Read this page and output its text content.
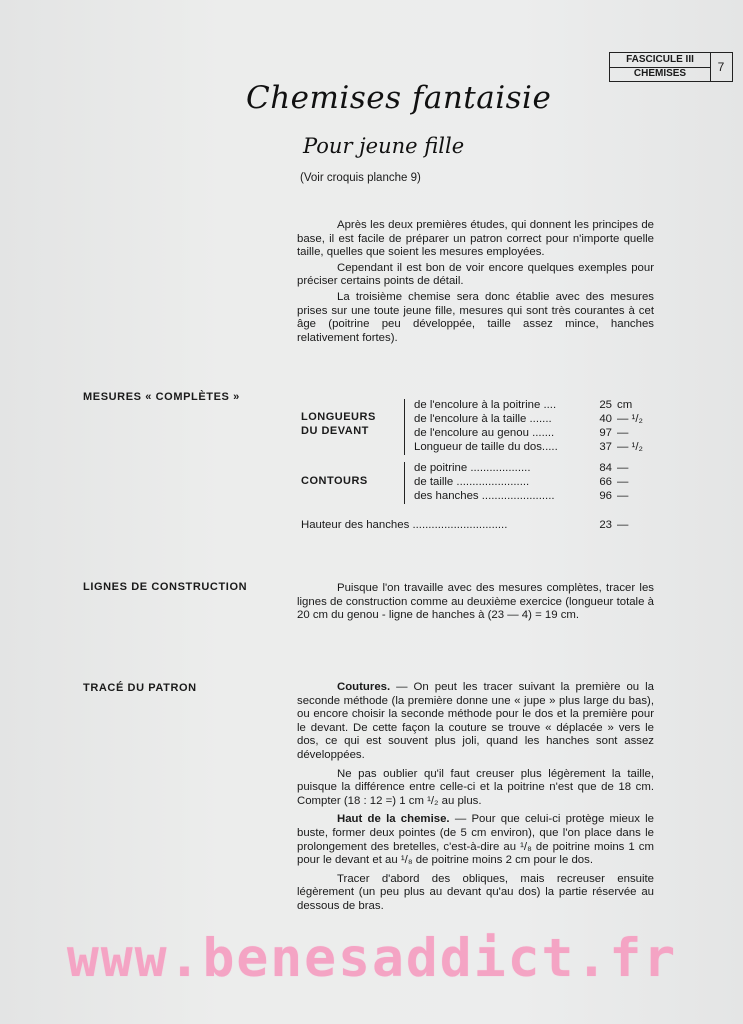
FASCICULE III
CHEMISES	7
Chemises fantaisie
Pour jeune fille
(Voir croquis planche 9)

Après les deux premières études, qui donnent les principes de base, il est facile de préparer un patron correct pour n'importe quelle taille, quelles que soient les mesures employées.

Cependant il est bon de voir encore quelques exemples pour préciser certains points de détail.

La troisième chemise sera donc établie avec des mesures prises sur une toute jeune fille, mesures qui sont très courantes à cet âge (poitrine peu développée, taille assez mince, hanches relativement fortes).

MESURES « COMPLÈTES »
LONGUEURS
DU DEVANT
de l'encolure à la poitrine ....	25 cm
de l'encolure à la taille .......	40 — ¹/₂
de l'encolure au genou .......	97 —
Longueur de taille du dos.....	37 — ¹/₂
CONTOURS
de poitrine ...................	84 —
de taille .......................	66 —
des hanches .......................	96 —
Hauteur des hanches ..............................	23 —
LIGNES DE CONSTRUCTION	Puisque l'on travaille avec des mesures complètes, tracer les lignes de construction comme au deuxième exercice (longueur totale à 20 cm du genou - ligne de hanches à (23 — 4) = 19 cm.

TRACÉ DU PATRON	Coutures. — On peut les tracer suivant la première ou la seconde méthode (la première donne une « jupe » plus large du bas), ou encore choisir la seconde méthode pour le dos et la première pour le devant. De cette façon la couture se trouve « déplacée » vers le dos, ce qui est souvent plus joli, quand les hanches sont assez développées.

Ne pas oublier qu'il faut creuser plus légèrement la taille, puisque la différence entre celle-ci et la poitrine n'est que de 18 cm. Compter (18 : 12 =) 1 cm ¹/₂ au plus.

Haut de la chemise. — Pour que celui-ci protège mieux le buste, former deux pointes (de 5 cm environ), que l'on place dans le prolongement des bretelles, c'est-à-dire au ¹/₈ de poitrine moins 1 cm pour le devant et au ¹/₈ de poitrine moins 2 cm pour le dos.

Tracer d'abord des obliques, mais recreuser ensuite légèrement (un peu plus au devant qu'au dos) la partie réservée au dessous de bras.

www.benesaddict.fr
